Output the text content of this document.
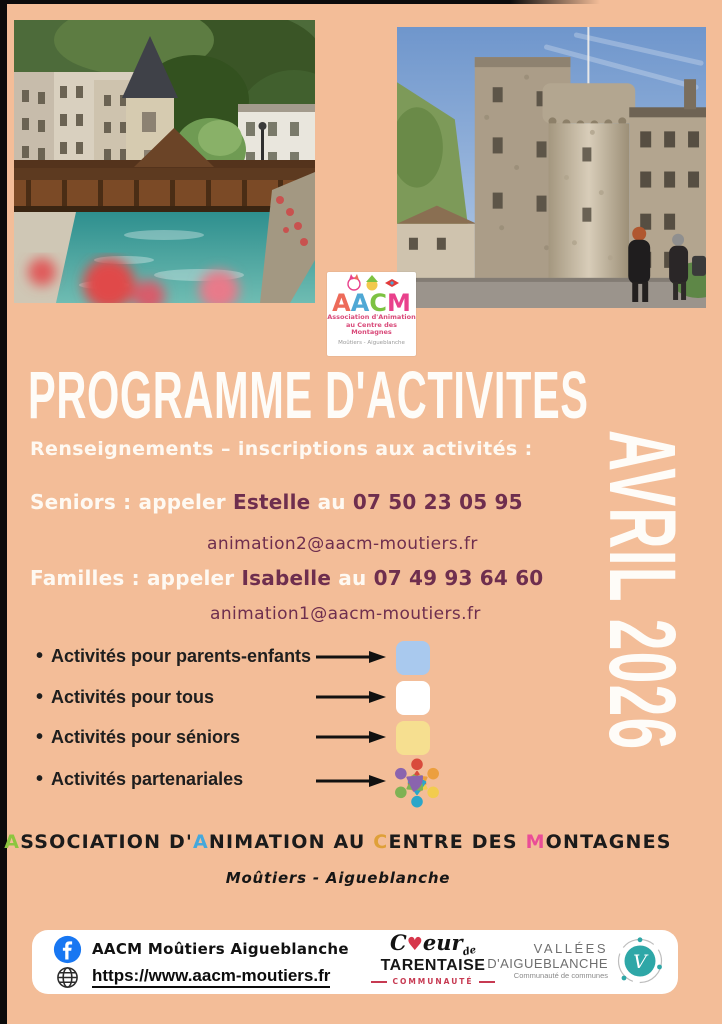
AACM
Association d'Animation
au Centre des Montagnes
Moûtiers - Aigueblanche
PROGRAMME D'ACTIVITES
Renseignements – inscriptions aux activités :
Seniors : appeler Estelle au 07 50 23 05 95
animation2@aacm-moutiers.fr
Familles : appeler Isabelle au 07 49 93 64 60
animation1@aacm-moutiers.fr
• Activités pour parents-enfants
• Activités pour tous
• Activités pour séniors
• Activités partenariales
AVRIL 2026
ASSOCIATION D'ANIMATION AU CENTRE DES MONTAGNES
Moûtiers - Aigueblanche
AACM Moûtiers Aigueblanche
https://www.aacm-moutiers.fr
C♥eurde
TARENTAISE
COMMUNAUTÉ
VALLÉES
D'AIGUEBLANCHE
Communauté de communes
V
